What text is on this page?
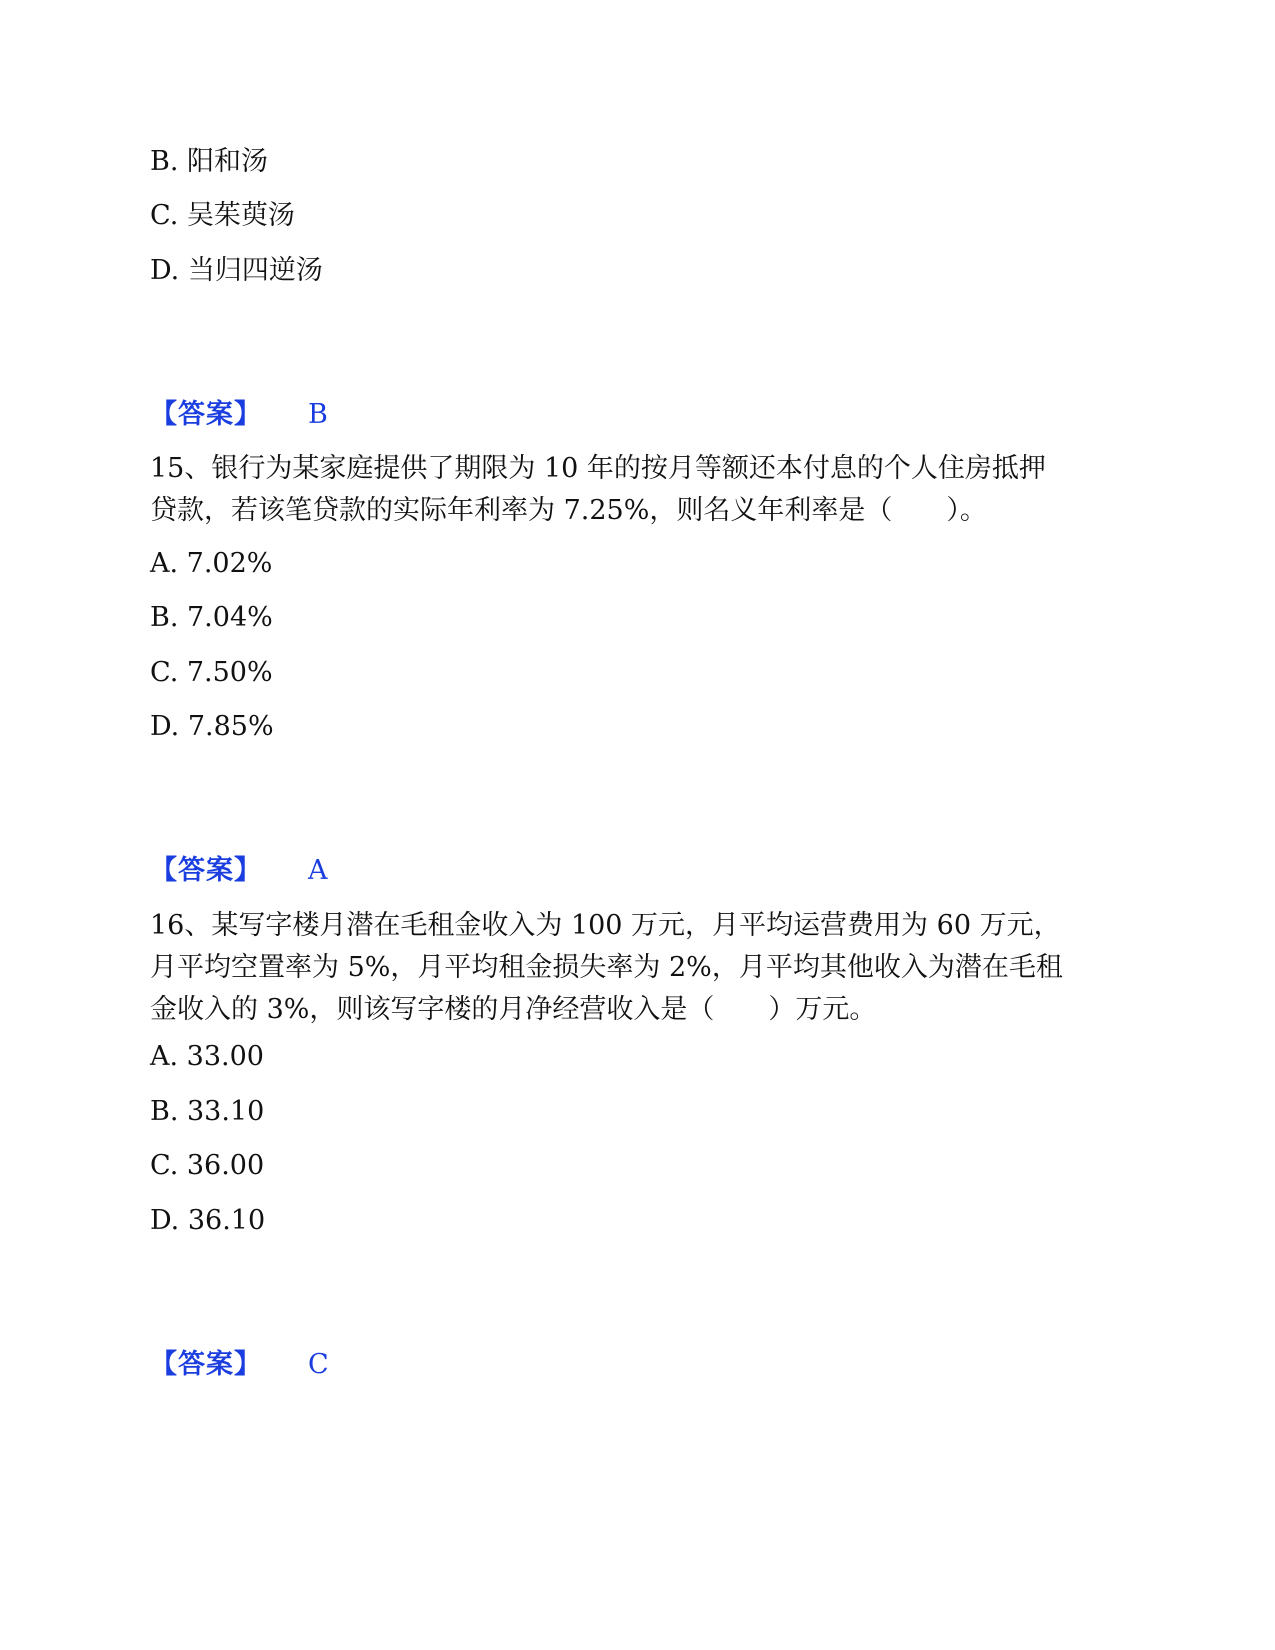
B. 阳和汤
C. 吴茱萸汤
D. 当归四逆汤
【答案】 B
15、银行为某家庭提供了期限为 10 年的按月等额还本付息的个人住房抵押
贷款，若该笔贷款的实际年利率为 7.25%，则名义年利率是（　　）。
A. 7.02%
B. 7.04%
C. 7.50%
D. 7.85%
【答案】 A
16、某写字楼月潜在毛租金收入为 100 万元，月平均运营费用为 60 万元，
月平均空置率为 5%，月平均租金损失率为 2%，月平均其他收入为潜在毛租
金收入的 3%，则该写字楼的月净经营收入是（　　）万元。
A. 33.00
B. 33.10
C. 36.00
D. 36.10
【答案】 C
